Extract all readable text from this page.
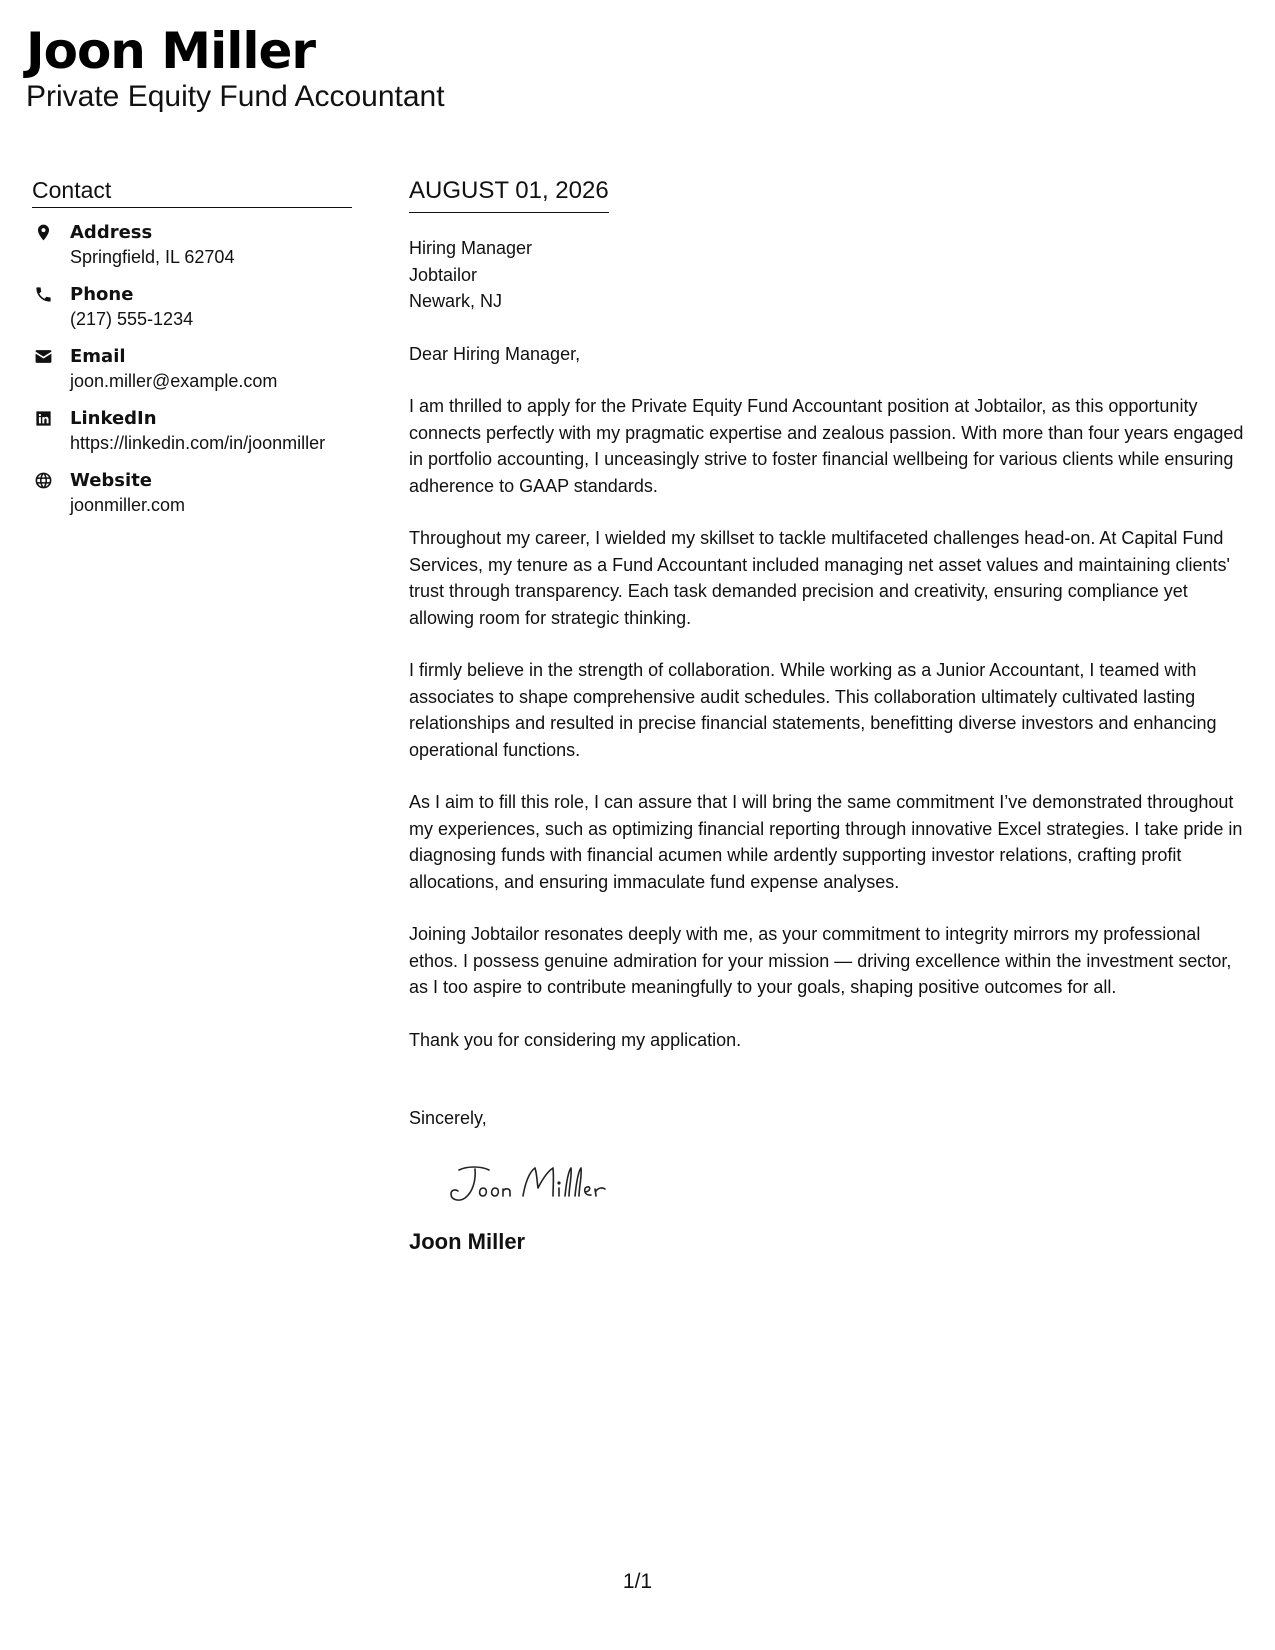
Joon Miller
Private Equity Fund Accountant
Contact
Address
Springfield, IL 62704
Phone
(217) 555-1234
Email
joon.miller@example.com
LinkedIn
https://linkedin.com/in/joonmiller
Website
joonmiller.com
AUGUST 01, 2026
Hiring Manager
Jobtailor
Newark, NJ
Dear Hiring Manager,
I am thrilled to apply for the Private Equity Fund Accountant position at Jobtailor, as this opportunity connects perfectly with my pragmatic expertise and zealous passion. With more than four years engaged in portfolio accounting, I unceasingly strive to foster financial wellbeing for various clients while ensuring adherence to GAAP standards.
Throughout my career, I wielded my skillset to tackle multifaceted challenges head-on. At Capital Fund Services, my tenure as a Fund Accountant included managing net asset values and maintaining clients' trust through transparency. Each task demanded precision and creativity, ensuring compliance yet allowing room for strategic thinking.
I firmly believe in the strength of collaboration. While working as a Junior Accountant, I teamed with associates to shape comprehensive audit schedules. This collaboration ultimately cultivated lasting relationships and resulted in precise financial statements, benefitting diverse investors and enhancing operational functions.
As I aim to fill this role, I can assure that I will bring the same commitment I’ve demonstrated throughout my experiences, such as optimizing financial reporting through innovative Excel strategies. I take pride in diagnosing funds with financial acumen while ardently supporting investor relations, crafting profit allocations, and ensuring immaculate fund expense analyses.
Joining Jobtailor resonates deeply with me, as your commitment to integrity mirrors my professional ethos. I possess genuine admiration for your mission — driving excellence within the investment sector, as I too aspire to contribute meaningfully to your goals, shaping positive outcomes for all.
Thank you for considering my application.
Sincerely,
Joon Miller
1/1
